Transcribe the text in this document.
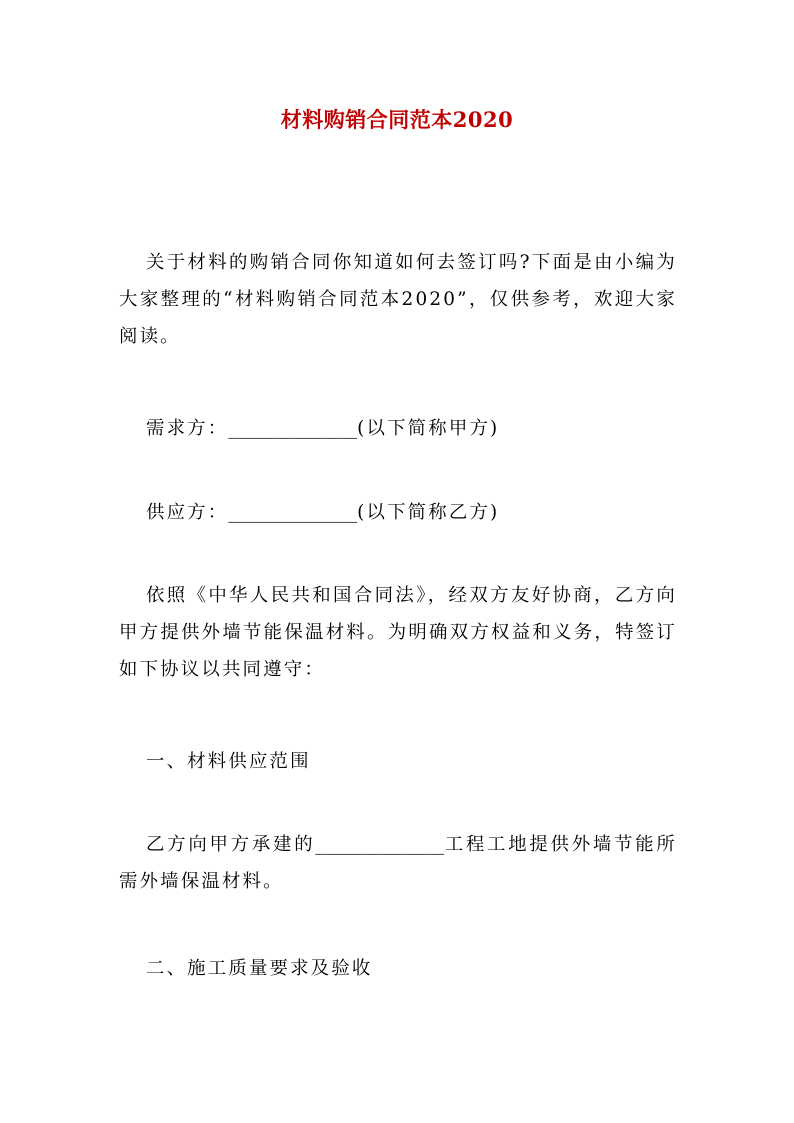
材料购销合同范本2020

关于材料的购销合同你知道如何去签订吗?下面是由小编为大家整理的“材料购销合同范本2020”，仅供参考，欢迎大家阅读。

需求方：______________(以下简称甲方)

供应方：______________(以下简称乙方)

依照《中华人民共和国合同法》，经双方友好协商，乙方向甲方提供外墙节能保温材料。为明确双方权益和义务，特签订如下协议以共同遵守：

一、材料供应范围

乙方向甲方承建的______________工程工地提供外墙节能所需外墙保温材料。

二、施工质量要求及验收
